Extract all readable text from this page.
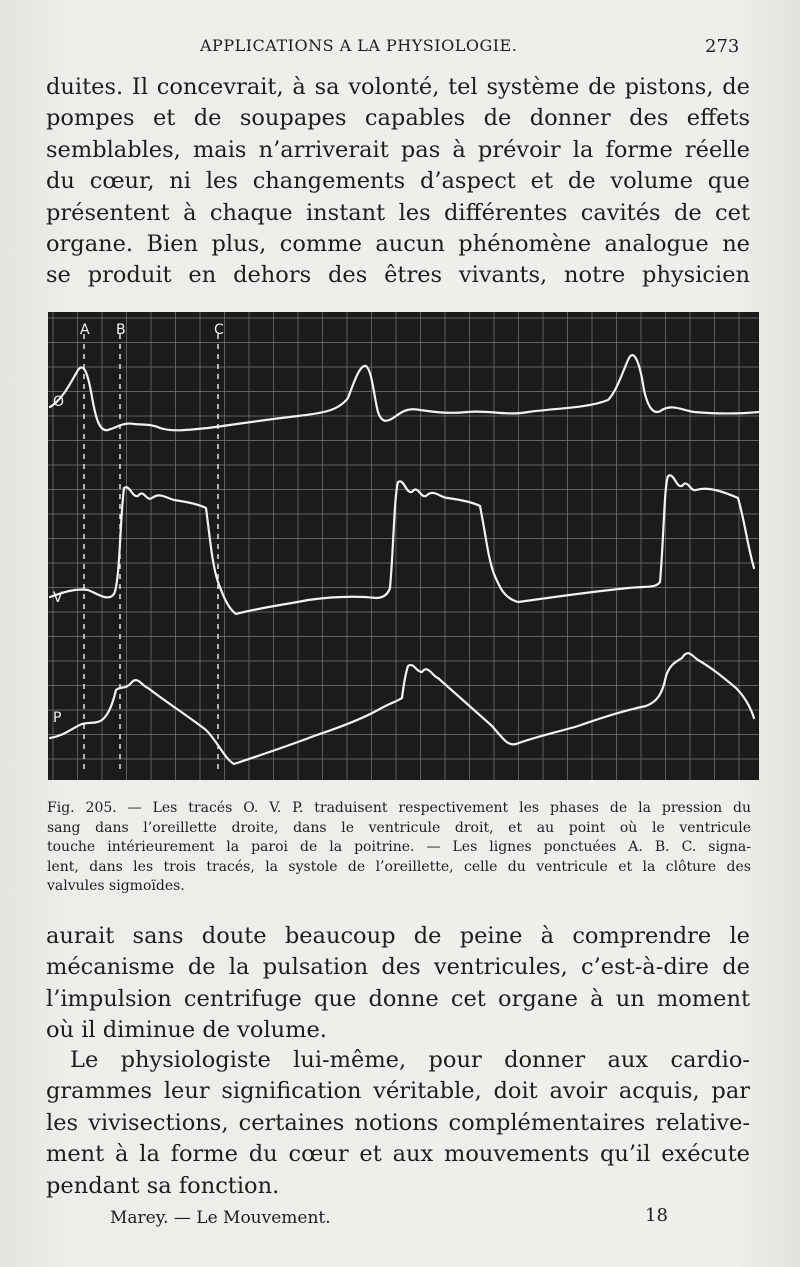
APPLICATIONS A LA PHYSIOLOGIE.	273
duites. Il concevrait, à sa volonté, tel système de pistons, de
pompes et de soupapes capables de donner des effets
semblables, mais n’arriverait pas à prévoir la forme réelle
du cœur, ni les changements d’aspect et de volume que
présentent à chaque instant les différentes cavités de cet
organe. Bien plus, comme aucun phénomène analogue ne
se produit en dehors des êtres vivants, notre physicien
A B	C
O
V
P
Fig. 205. — Les tracés O. V. P. traduisent respectivement les phases de la pression du
sang dans l’oreillette droite, dans le ventricule droit, et au point où le ventricule
touche intérieurement la paroi de la poitrine. — Les lignes ponctuées A. B. C. signa-
lent, dans les trois tracés, la systole de l’oreillette, celle du ventricule et la clôture des
valvules sigmoïdes.
aurait sans doute beaucoup de peine à comprendre le
mécanisme de la pulsation des ventricules, c’est-à-dire de
l’impulsion centrifuge que donne cet organe à un moment
où il diminue de volume.
Le physiologiste lui-même, pour donner aux cardio-
grammes leur signification véritable, doit avoir acquis, par
les vivisections, certaines notions complémentaires relative-
ment à la forme du cœur et aux mouvements qu’il exécute
pendant sa fonction.
Marey. — Le Mouvement.	18
